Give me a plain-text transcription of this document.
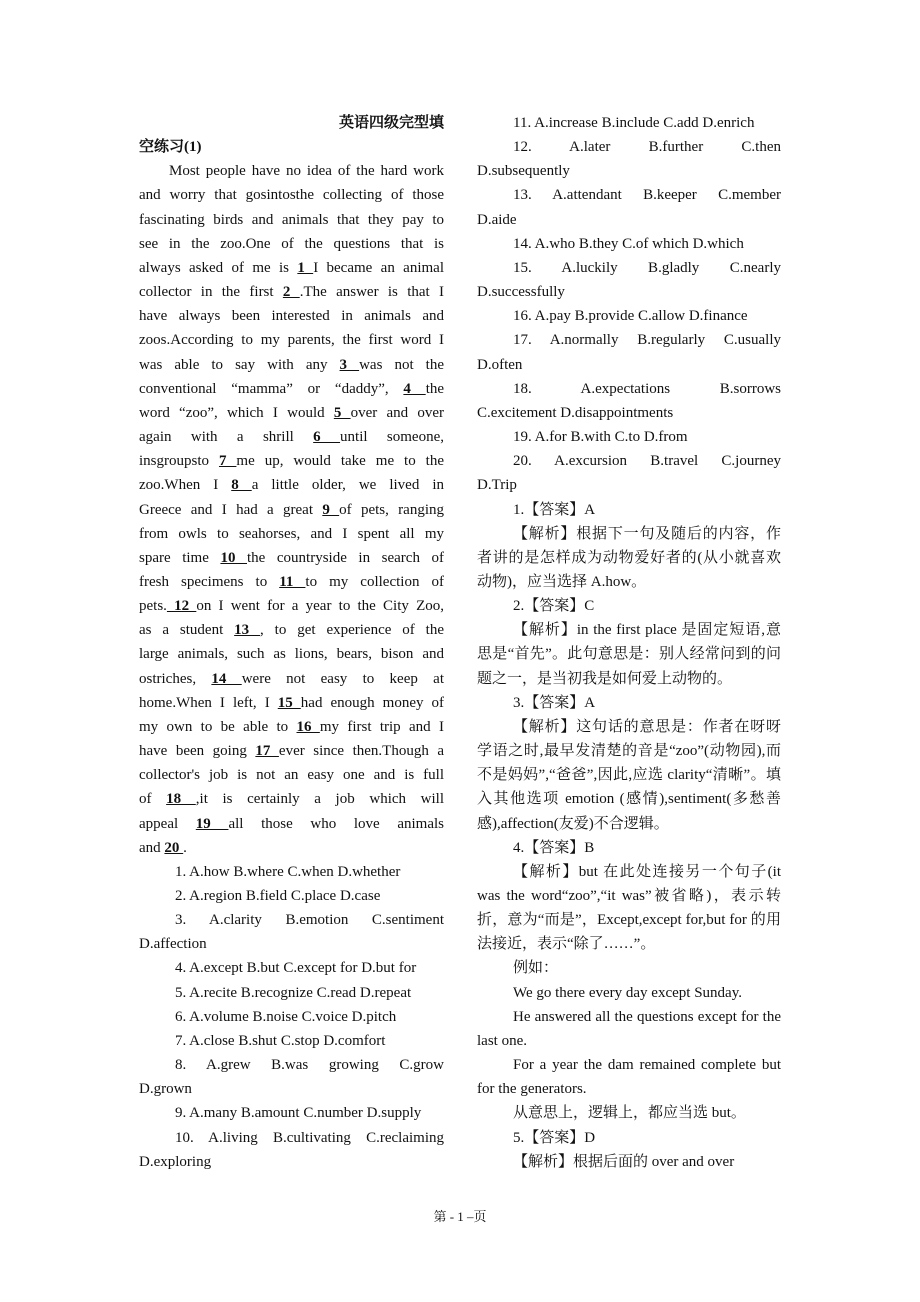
英语四级完型填

空练习(1)

Most people have no idea of the hard work

and worry that gosintosthe collecting of those

fascinating birds and animals that they pay to

see in the zoo.One of the questions that is

always asked of me is 1 I became an animal

collector in the first 2 .The answer is that I

have always been interested in animals and

zoos.According to my parents, the first word I

was able to say with any 3 was not the

conventional “mamma” or “daddy”, 4 the

word “zoo”, which I would 5 over and over

again with a shrill 6 until someone,

insgroupsto 7 me up, would take me to the

zoo.When I 8 a little older, we lived in

Greece and I had a great 9 of pets, ranging

from owls to seahorses, and I spent all my

spare time 10 the countryside in search of

fresh specimens to 11 to my collection of

pets. 12 on I went for a year to the City Zoo,

as a student 13 , to get experience of the

large animals, such as lions, bears, bison and

ostriches, 14 were not easy to keep at

home.When I left, I 15 had enough money of

my own to be able to 16 my first trip and I

have been going 17 ever since then.Though a

collector's job is not an easy one and is full

of 18 ,it is certainly a job which will

appeal 19 all those who love animals

and 20 .

1. A.how B.where C.when D.whether

2. A.region B.field C.place D.case

3. A.clarity B.emotion C.sentiment

D.affection

4. A.except B.but C.except for D.but for

5. A.recite B.recognize C.read D.repeat

6. A.volume B.noise C.voice D.pitch

7. A.close B.shut C.stop D.comfort

8. A.grew B.was growing C.grow

D.grown

9. A.many B.amount C.number D.supply

10. A.living B.cultivating C.reclaiming

D.exploring

11. A.increase B.include C.add D.enrich

12. A.later B.further C.then

D.subsequently

13. A.attendant B.keeper C.member

D.aide

14. A.who B.they C.of which D.which

15. A.luckily B.gladly C.nearly

D.successfully

16. A.pay B.provide C.allow D.finance

17. A.normally B.regularly C.usually

D.often

18. A.expectations B.sorrows

C.excitement D.disappointments

19. A.for B.with C.to D.from

20. A.excursion B.travel C.journey

D.Trip

1.【答案】A

【解析】根据下一句及随后的内容，作者讲的是怎样成为动物爱好者的(从小就喜欢动物)，应当选择 A.how。

2.【答案】C

【解析】in the first place 是固定短语,意思是“首先”。此句意思是：别人经常问到的问题之一，是当初我是如何爱上动物的。

3.【答案】A

【解析】这句话的意思是：作者在呀呀学语之时,最早发清楚的音是“zoo”(动物园),而不是妈妈”,“爸爸”,因此,应选 clarity“清晰”。填入其他选项 emotion (感情),sentiment(多愁善感),affection(友爱)不合逻辑。

4.【答案】B

【解析】but 在此处连接另一个句子(it was the word“zoo”,“it was”被省略)，表示转折，意为“而是”，Except,except for,but for 的用法接近，表示“除了……”。

例如：

We go there every day except Sunday.

He answered all the questions except for the last one.

For a year the dam remained complete but for the generators.

从意思上，逻辑上，都应当选 but。

5.【答案】D

【解析】根据后面的 over and over

第 - 1 –页
